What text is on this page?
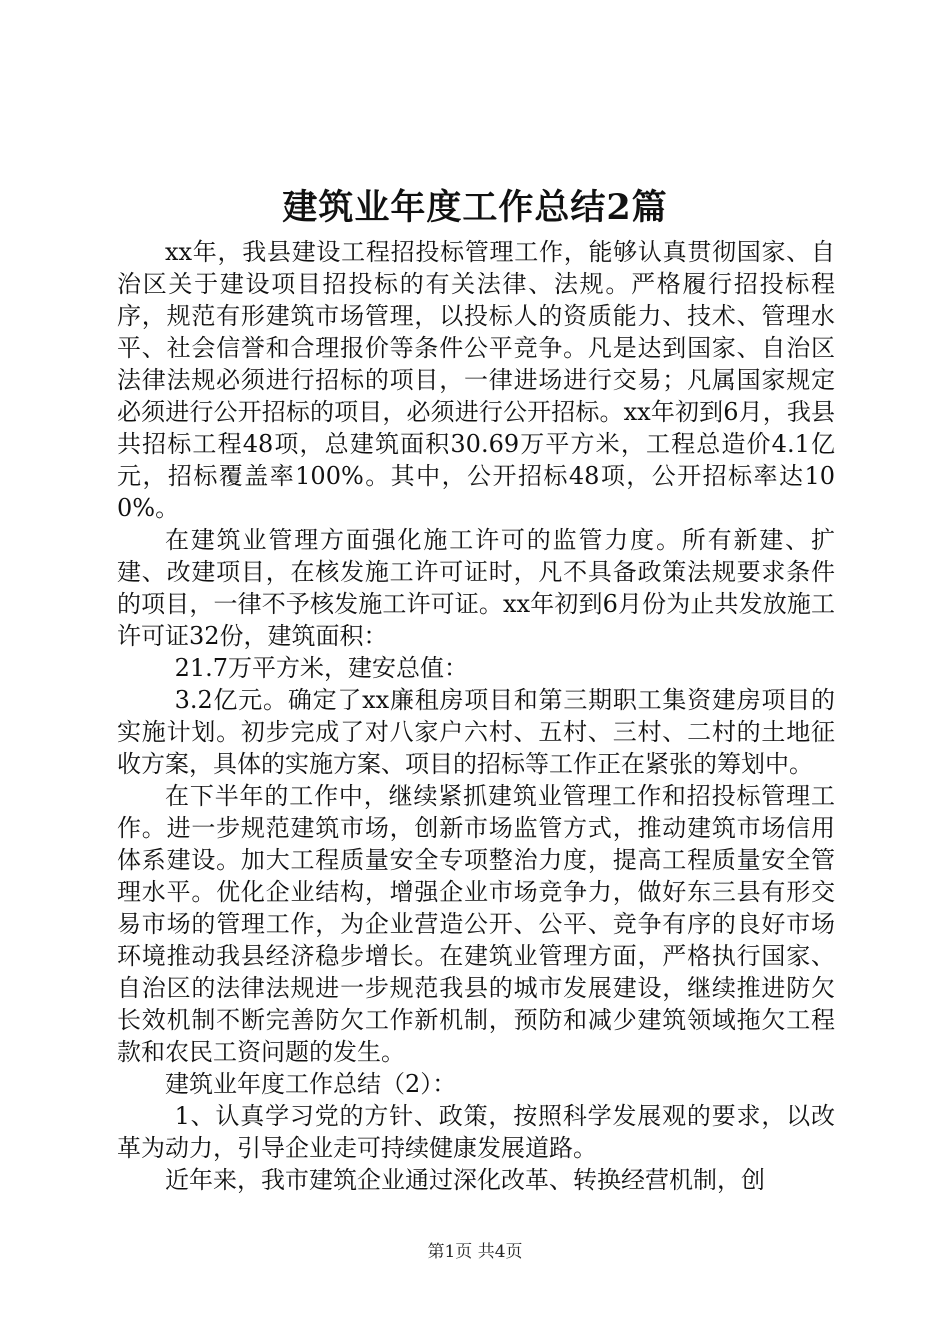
建筑业年度工作总结2篇

xx年，我县建设工程招投标管理工作，能够认真贯彻国家、自治区关于建设项目招投标的有关法律、法规。严格履行招投标程序，规范有形建筑市场管理，以投标人的资质能力、技术、管理水平、社会信誉和合理报价等条件公平竞争。凡是达到国家、自治区法律法规必须进行招标的项目，一律进场进行交易；凡属国家规定必须进行公开招标的项目，必须进行公开招标。xx年初到6月，我县共招标工程48项，总建筑面积30.69万平方米，工程总造价4.1亿元，招标覆盖率100%。其中，公开招标48项，公开招标率达100%。

在建筑业管理方面强化施工许可的监管力度。所有新建、扩建、改建项目，在核发施工许可证时，凡不具备政策法规要求条件的项目，一律不予核发施工许可证。xx年初到6月份为止共发放施工许可证32份，建筑面积：

21.7万平方米，建安总值：

3.2亿元。确定了xx廉租房项目和第三期职工集资建房项目的实施计划。初步完成了对八家户六村、五村、三村、二村的土地征收方案，具体的实施方案、项目的招标等工作正在紧张的筹划中。

在下半年的工作中，继续紧抓建筑业管理工作和招投标管理工作。进一步规范建筑市场，创新市场监管方式，推动建筑市场信用体系建设。加大工程质量安全专项整治力度，提高工程质量安全管理水平。优化企业结构，增强企业市场竞争力，做好东三县有形交易市场的管理工作，为企业营造公开、公平、竞争有序的良好市场环境推动我县经济稳步增长。在建筑业管理方面，严格执行国家、自治区的法律法规进一步规范我县的城市发展建设，继续推进防欠长效机制不断完善防欠工作新机制，预防和减少建筑领域拖欠工程款和农民工资问题的发生。

建筑业年度工作总结（2）：

1、认真学习党的方针、政策，按照科学发展观的要求，以改革为动力，引导企业走可持续健康发展道路。

近年来，我市建筑企业通过深化改革、转换经营机制，创

第1页 共4页
